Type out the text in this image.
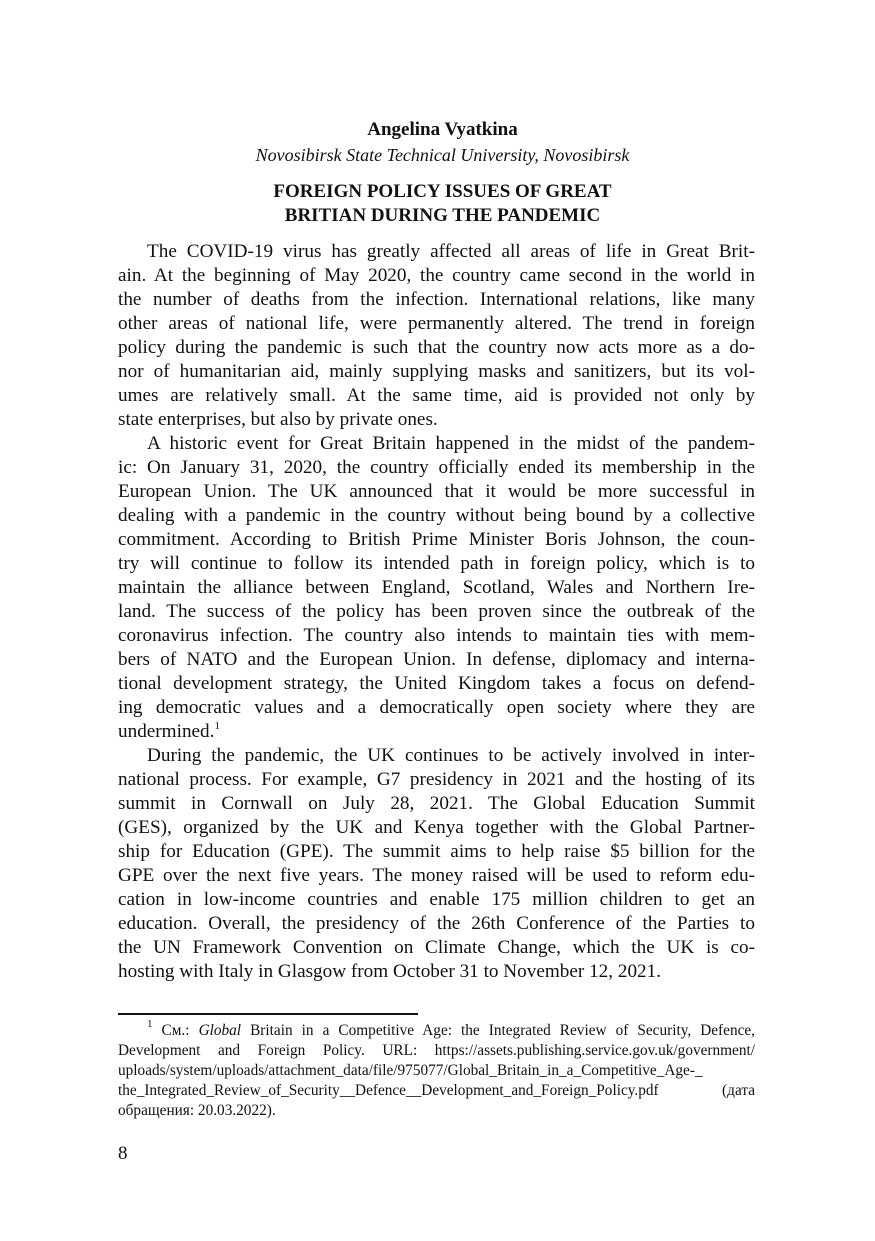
Angelina Vyatkina
Novosibirsk State Technical University, Novosibirsk
FOREIGN POLICY ISSUES OF GREAT
BRITIAN DURING THE PANDEMIC
The COVID-19 virus has greatly affected all areas of life in Great Brit-
ain. At the beginning of May 2020, the country came second in the world in
the number of deaths from the infection. International relations, like many
other areas of national life, were permanently altered. The trend in foreign
policy during the pandemic is such that the country now acts more as a do-
nor of humanitarian aid, mainly supplying masks and sanitizers, but its vol-
umes are relatively small. At the same time, aid is provided not only by
state enterprises, but also by private ones.
A historic event for Great Britain happened in the midst of the pandem-
ic: On January 31, 2020, the country officially ended its membership in the
European Union. The UK announced that it would be more successful in
dealing with a pandemic in the country without being bound by a collective
commitment. According to British Prime Minister Boris Johnson, the coun-
try will continue to follow its intended path in foreign policy, which is to
maintain the alliance between England, Scotland, Wales and Northern Ire-
land. The success of the policy has been proven since the outbreak of the
coronavirus infection. The country also intends to maintain ties with mem-
bers of NATO and the European Union. In defense, diplomacy and interna-
tional development strategy, the United Kingdom takes a focus on defend-
ing democratic values and a democratically open society where they are
undermined.$^1$
During the pandemic, the UK continues to be actively involved in inter-
national process. For example, G7 presidency in 2021 and the hosting of its
summit in Cornwall on July 28, 2021. The Global Education Summit
(GES), organized by the UK and Kenya together with the Global Partner-
ship for Education (GPE). The summit aims to help raise $5 billion for the
GPE over the next five years. The money raised will be used to reform edu-
cation in low-income countries and enable 175 million children to get an
education. Overall, the presidency of the 26th Conference of the Parties to
the UN Framework Convention on Climate Change, which the UK is co-
hosting with Italy in Glasgow from October 31 to November 12, 2021.
$^1$ См.: Global Britain in a Competitive Age: the Integrated Review of Security, Defence,
Development and Foreign Policy. URL: https://assets.publishing.service.gov.uk/government/
uploads/system/uploads/attachment_data/file/975077/Global_Britain_in_a_Competitive_Age-_
the_Integrated_Review_of_Security__Defence__Development_and_Foreign_Policy.pdf (дата
обращения: 20.03.2022).
8
